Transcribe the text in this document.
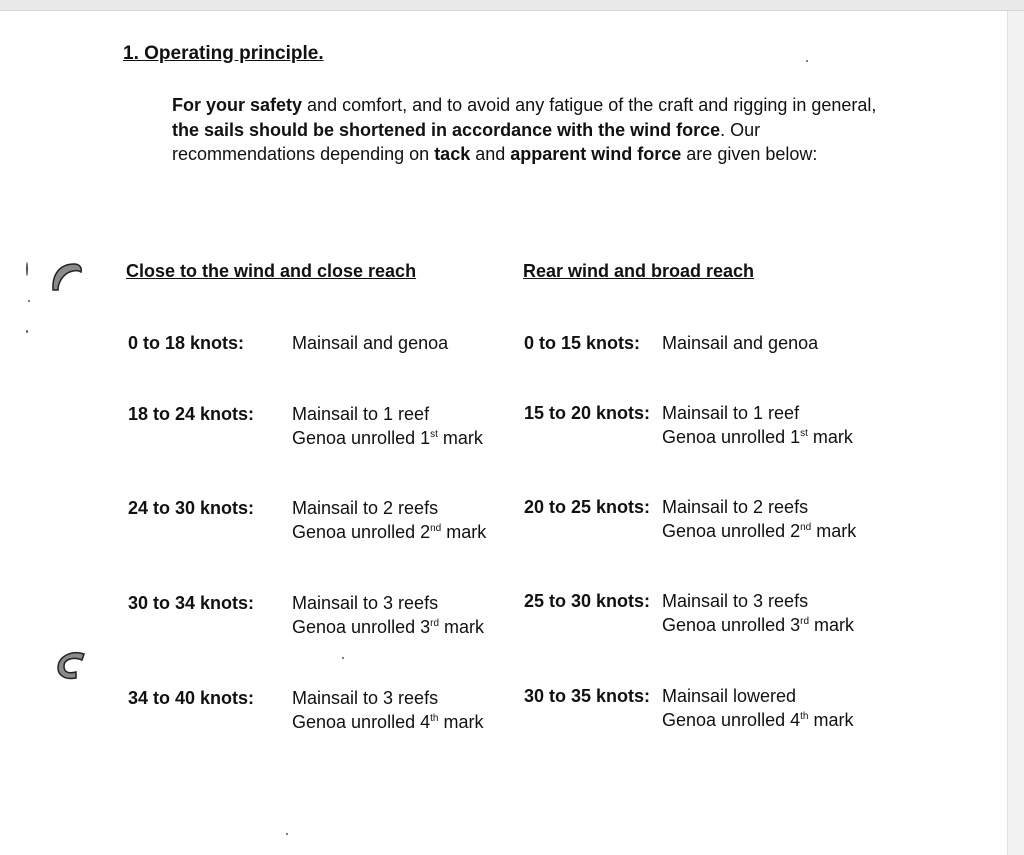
1. Operating principle.
For your safety and comfort, and to avoid any fatigue of the craft and rigging in general, the sails should be shortened in accordance with the wind force. Our recommendations depending on tack and apparent wind force are given below:
Close to the wind and close reach	Rear wind and broad reach
0 to 18 knots:	Mainsail and genoa
18 to 24 knots: Mainsail to 1 reef
Genoa unrolled 1st mark
24 to 30 knots: Mainsail to 2 reefs
Genoa unrolled 2nd mark
30 to 34 knots: Mainsail to 3 reefs
Genoa unrolled 3rd mark
34 to 40 knots: Mainsail to 3 reefs
Genoa unrolled 4th mark
0 to 15 knots: Mainsail and genoa
15 to 20 knots: Mainsail to 1 reef
Genoa unrolled 1st mark
20 to 25 knots: Mainsail to 2 reefs
Genoa unrolled 2nd mark
25 to 30 knots: Mainsail to 3 reefs
Genoa unrolled 3rd mark
30 to 35 knots: Mainsail lowered
Genoa unrolled 4th mark
